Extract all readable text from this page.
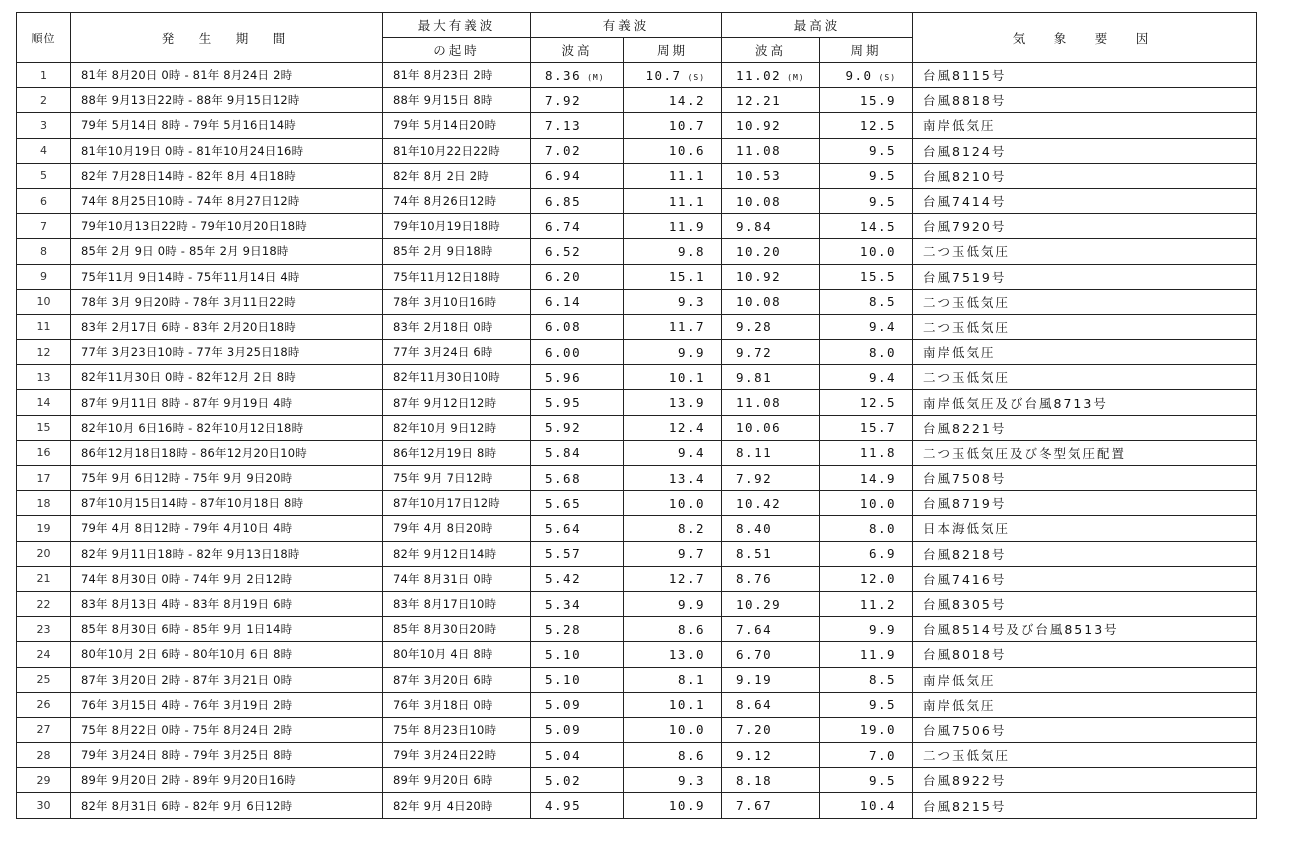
順位	発　生　期　間	最大有義波	有義波		最高波		気　象　要　因
		の起時	波高	周期	波高	周期	
1	81年 8月20日 0時 - 81年 8月24日 2時	81年 8月23日 2時	8.36 (M)	10.7 (S)	11.02 (M)	9.0 (S)	台風8115号
2	88年 9月13日22時 - 88年 9月15日12時	88年 9月15日 8時	7.92	14.2	12.21	15.9	台風8818号
3	79年 5月14日 8時 - 79年 5月16日14時	79年 5月14日20時	7.13	10.7	10.92	12.5	南岸低気圧
4	81年10月19日 0時 - 81年10月24日16時	81年10月22日22時	7.02	10.6	11.08	9.5	台風8124号
5	82年 7月28日14時 - 82年 8月 4日18時	82年 8月 2日 2時	6.94	11.1	10.53	9.5	台風8210号
6	74年 8月25日10時 - 74年 8月27日12時	74年 8月26日12時	6.85	11.1	10.08	9.5	台風7414号
7	79年10月13日22時 - 79年10月20日18時	79年10月19日18時	6.74	11.9	9.84	14.5	台風7920号
8	85年 2月 9日 0時 - 85年 2月 9日18時	85年 2月 9日18時	6.52	9.8	10.20	10.0	二つ玉低気圧
9	75年11月 9日14時 - 75年11月14日 4時	75年11月12日18時	6.20	15.1	10.92	15.5	台風7519号
10	78年 3月 9日20時 - 78年 3月11日22時	78年 3月10日16時	6.14	9.3	10.08	8.5	二つ玉低気圧
11	83年 2月17日 6時 - 83年 2月20日18時	83年 2月18日 0時	6.08	11.7	9.28	9.4	二つ玉低気圧
12	77年 3月23日10時 - 77年 3月25日18時	77年 3月24日 6時	6.00	9.9	9.72	8.0	南岸低気圧
13	82年11月30日 0時 - 82年12月 2日 8時	82年11月30日10時	5.96	10.1	9.81	9.4	二つ玉低気圧
14	87年 9月11日 8時 - 87年 9月19日 4時	87年 9月12日12時	5.95	13.9	11.08	12.5	南岸低気圧及び台風8713号
15	82年10月 6日16時 - 82年10月12日18時	82年10月 9日12時	5.92	12.4	10.06	15.7	台風8221号
16	86年12月18日18時 - 86年12月20日10時	86年12月19日 8時	5.84	9.4	8.11	11.8	二つ玉低気圧及び冬型気圧配置
17	75年 9月 6日12時 - 75年 9月 9日20時	75年 9月 7日12時	5.68	13.4	7.92	14.9	台風7508号
18	87年10月15日14時 - 87年10月18日 8時	87年10月17日12時	5.65	10.0	10.42	10.0	台風8719号
19	79年 4月 8日12時 - 79年 4月10日 4時	79年 4月 8日20時	5.64	8.2	8.40	8.0	日本海低気圧
20	82年 9月11日18時 - 82年 9月13日18時	82年 9月12日14時	5.57	9.7	8.51	6.9	台風8218号
21	74年 8月30日 0時 - 74年 9月 2日12時	74年 8月31日 0時	5.42	12.7	8.76	12.0	台風7416号
22	83年 8月13日 4時 - 83年 8月19日 6時	83年 8月17日10時	5.34	9.9	10.29	11.2	台風8305号
23	85年 8月30日 6時 - 85年 9月 1日14時	85年 8月30日20時	5.28	8.6	7.64	9.9	台風8514号及び台風8513号
24	80年10月 2日 6時 - 80年10月 6日 8時	80年10月 4日 8時	5.10	13.0	6.70	11.9	台風8018号
25	87年 3月20日 2時 - 87年 3月21日 0時	87年 3月20日 6時	5.10	8.1	9.19	8.5	南岸低気圧
26	76年 3月15日 4時 - 76年 3月19日 2時	76年 3月18日 0時	5.09	10.1	8.64	9.5	南岸低気圧
27	75年 8月22日 0時 - 75年 8月24日 2時	75年 8月23日10時	5.09	10.0	7.20	19.0	台風7506号
28	79年 3月24日 8時 - 79年 3月25日 8時	79年 3月24日22時	5.04	8.6	9.12	7.0	二つ玉低気圧
29	89年 9月20日 2時 - 89年 9月20日16時	89年 9月20日 6時	5.02	9.3	8.18	9.5	台風8922号
30	82年 8月31日 6時 - 82年 9月 6日12時	82年 9月 4日20時	4.95	10.9	7.67	10.4	台風8215号
